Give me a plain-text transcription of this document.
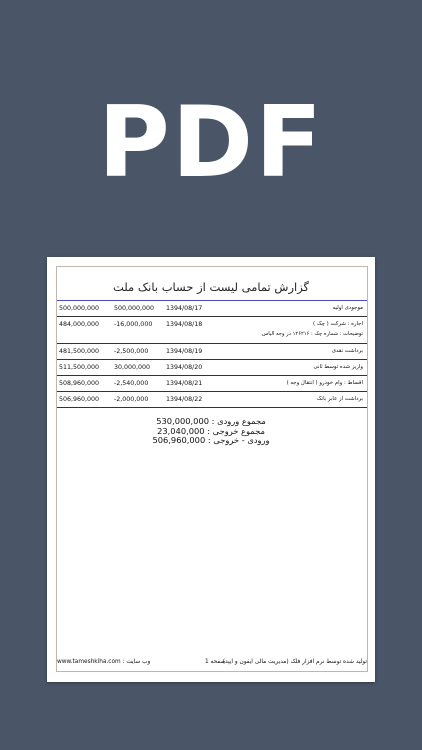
PDF
گزارش تمامی لیست از حساب بانک ملت
500,000,000	500,000,000	1394/08/17	موجودی اولیه
484,000,000	-16,000,000	1394/08/18	اجاره : شرکت ( چک )
توضیحات : شماره چک : ۱۲۶۲۱۶ در وجه الیاس

481,500,000	-2,500,000	1394/08/19	برداشت نقدی
511,500,000	30,000,000	1394/08/20	واریز شده توسط ثانی
508,960,000	-2,540,000	1394/08/21	اقساط : وام خودرو ( انتقال وجه )
506,960,000	-2,000,000	1394/08/22	برداشت از عابر بانک
مجموع ورودی : 530,000,000
مجموع خروجی : 23,040,000
ورودی - خروجی : 506,960,000
www.tameshkiha.com : وب سایت	صفحه 1
تولید شده توسط نرم افزار فلک (مدیریت مالی ایفون و ایپد)
